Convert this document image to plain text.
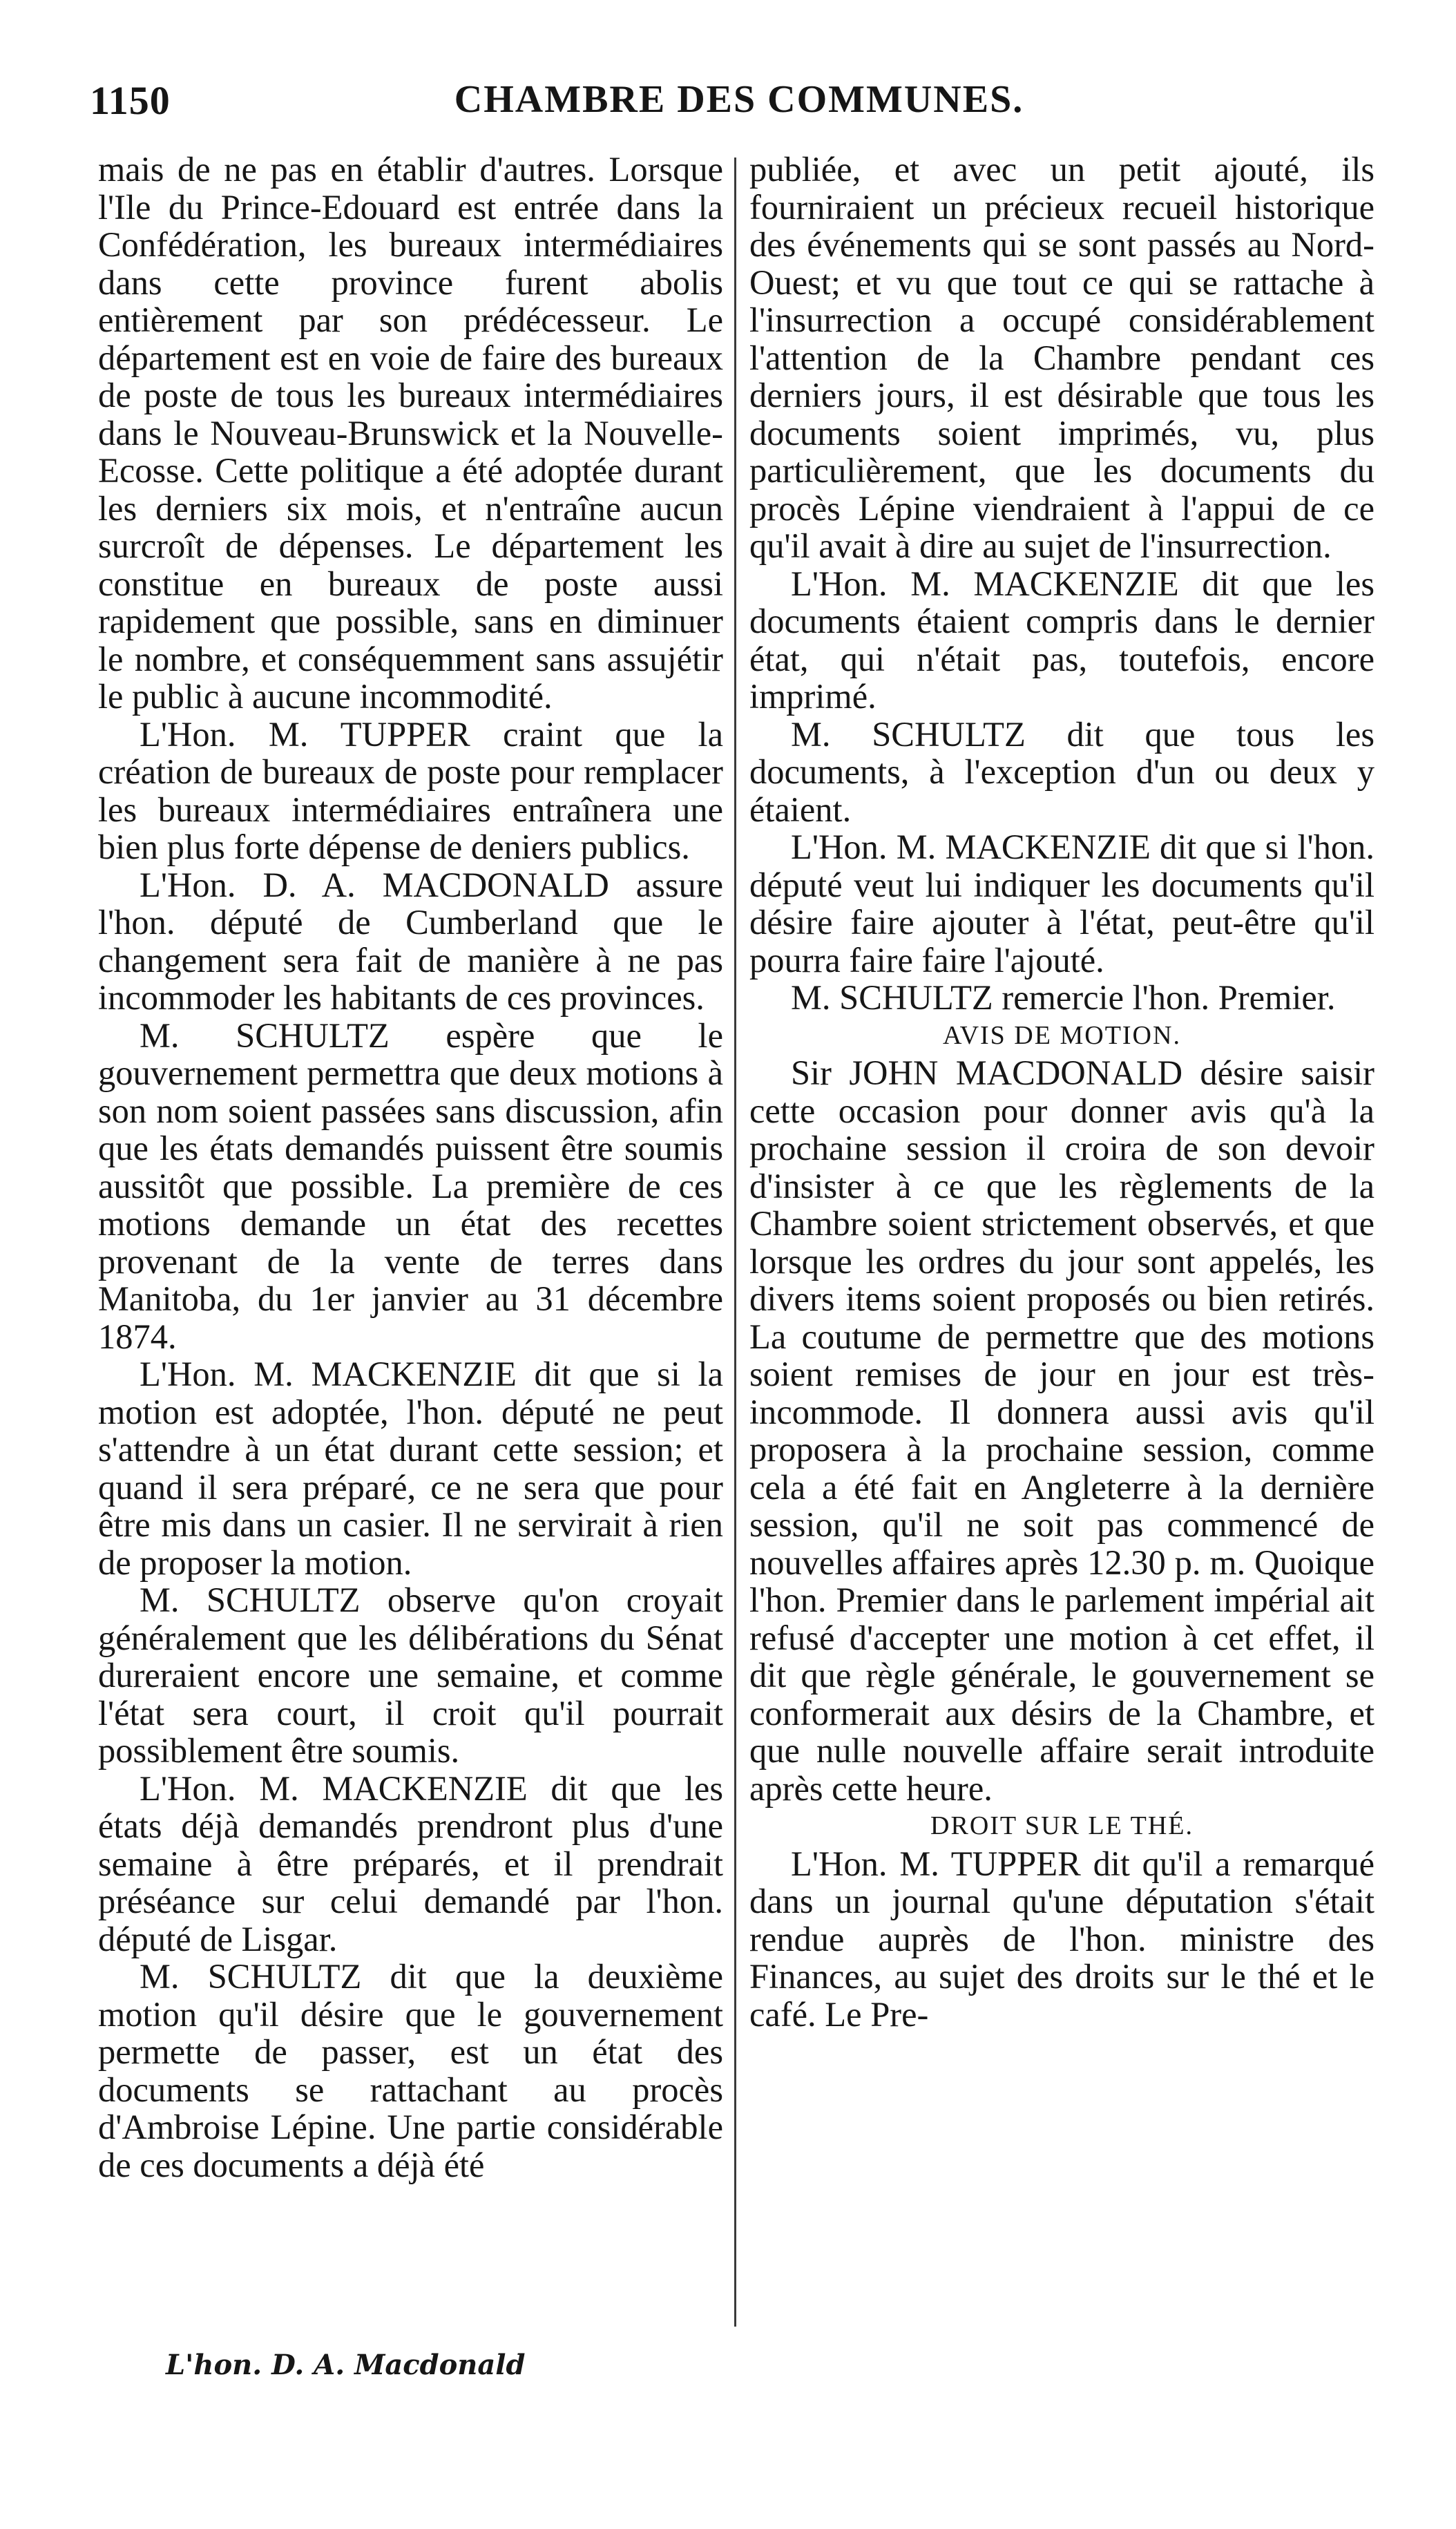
1150	CHAMBRE DES COMMUNES.

mais de ne pas en établir d'autres. Lorsque l'Ile du Prince-Edouard est entrée dans la Confédération, les bureaux intermédiaires dans cette province furent abolis entièrement par son prédécesseur. Le département est en voie de faire des bureaux de poste de tous les bureaux intermédiaires dans le Nouveau-Brunswick et la Nouvelle-Ecosse. Cette politique a été adoptée durant les derniers six mois, et n'entraîne aucun surcroît de dépenses. Le département les constitue en bureaux de poste aussi rapidement que possible, sans en diminuer le nombre, et conséquemment sans assujétir le public à aucune incommodité.

L'Hon. M. TUPPER craint que la création de bureaux de poste pour remplacer les bureaux intermédiaires entraînera une bien plus forte dépense de deniers publics.

L'Hon. D. A. MACDONALD assure l'hon. député de Cumberland que le changement sera fait de manière à ne pas incommoder les habitants de ces provinces.

M. SCHULTZ espère que le gouvernement permettra que deux motions à son nom soient passées sans discussion, afin que les états demandés puissent être soumis aussitôt que possible. La première de ces motions demande un état des recettes provenant de la vente de terres dans Manitoba, du 1er janvier au 31 décembre 1874.

L'Hon. M. MACKENZIE dit que si la motion est adoptée, l'hon. député ne peut s'attendre à un état durant cette session; et quand il sera préparé, ce ne sera que pour être mis dans un casier. Il ne servirait à rien de proposer la motion.

M. SCHULTZ observe qu'on croyait généralement que les délibérations du Sénat dureraient encore une semaine, et comme l'état sera court, il croit qu'il pourrait possiblement être soumis.

L'Hon. M. MACKENZIE dit que les états déjà demandés prendront plus d'une semaine à être préparés, et il prendrait préséance sur celui demandé par l'hon. député de Lisgar.

M. SCHULTZ dit que la deuxième motion qu'il désire que le gouvernement permette de passer, est un état des documents se rattachant au procès d'Ambroise Lépine. Une partie considérable de ces documents a déjà été

publiée, et avec un petit ajouté, ils fourniraient un précieux recueil historique des événements qui se sont passés au Nord-Ouest; et vu que tout ce qui se rattache à l'insurrection a occupé considérablement l'attention de la Chambre pendant ces derniers jours, il est désirable que tous les documents soient imprimés, vu, plus particulièrement, que les documents du procès Lépine viendraient à l'appui de ce qu'il avait à dire au sujet de l'insurrection.

L'Hon. M. MACKENZIE dit que les documents étaient compris dans le dernier état, qui n'était pas, toutefois, encore imprimé.

M. SCHULTZ dit que tous les documents, à l'exception d'un ou deux y étaient.

L'Hon. M. MACKENZIE dit que si l'hon. député veut lui indiquer les documents qu'il désire faire ajouter à l'état, peut-être qu'il pourra faire faire l'ajouté.

M. SCHULTZ remercie l'hon. Premier.

AVIS DE MOTION.

Sir JOHN MACDONALD désire saisir cette occasion pour donner avis qu'à la prochaine session il croira de son devoir d'insister à ce que les règlements de la Chambre soient strictement observés, et que lorsque les ordres du jour sont appelés, les divers items soient proposés ou bien retirés. La coutume de permettre que des motions soient remises de jour en jour est très-incommode. Il donnera aussi avis qu'il proposera à la prochaine session, comme cela a été fait en Angleterre à la dernière session, qu'il ne soit pas commencé de nouvelles affaires après 12.30 p. m. Quoique l'hon. Premier dans le parlement impérial ait refusé d'accepter une motion à cet effet, il dit que règle générale, le gouvernement se conformerait aux désirs de la Chambre, et que nulle nouvelle affaire serait introduite après cette heure.

DROIT SUR LE THÉ.

L'Hon. M. TUPPER dit qu'il a remarqué dans un journal qu'une députation s'était rendue auprès de l'hon. ministre des Finances, au sujet des droits sur le thé et le café. Le Pre-

L'hon. D. A. Macdonald
